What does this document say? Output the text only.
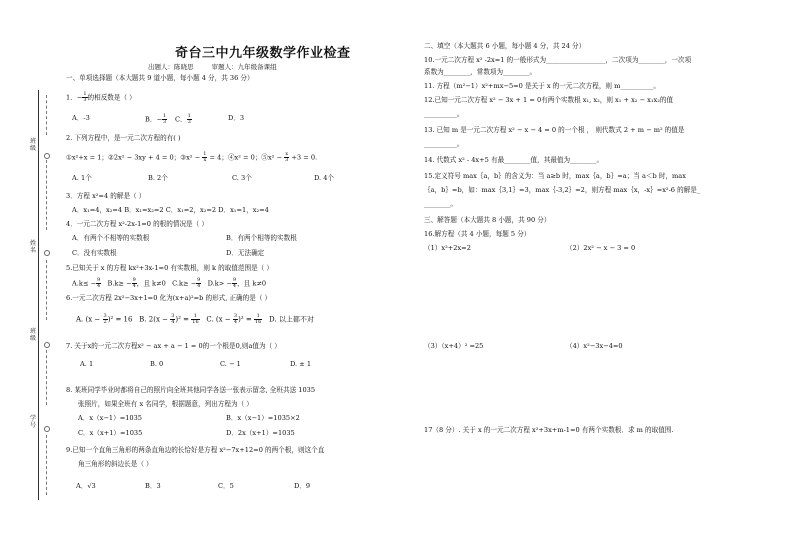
班级
姓名
班级
学号
奇台三中九年级数学作业检查
出题人：陈晓思	审题人：九年级备课组
一、单项选择题（本大题共 9 道小题，每小题 4 分，共 36 分）
1．− $\frac{1}{3}$ 的相反数是（ ）
A．-3	B．− $\frac{1}{3}$ C． $\frac{1}{3}$	D．3
2. 下列方程中，是一元二次方程的有( )
①x²+x = 1；②2x² − 3xy + 4 = 0；③x² − $\frac{1}{x} = 4$；④x² = 0；⑤x² − $\frac{x}{3} +3 = 0$.
A. 1个	B. 2个	C. 3个	D. 4个
3．方程 x²=4 的解是（ ）
A．x₁=4，x₂=4 B．x₁=x₂=2 C．x₁=2，x₂=2 D．x₁=1，x₂=4
4．一元二次方程 x²-2x-1=0 的根的情况是（ ）
A．有两个不相等的实数根	B．有两个相等的实数根
C．没有实数根	D．无法确定
5.已知关于 x 的方程 kx²+3x-1=0 有实数根，则 k 的取值范围是（ ）
$A.k\le - \frac{9}{4} B.k\ge - \frac{9}{4}$ ，且 k≠0 $C.k\ge - \frac{9}{4} D.k> - \frac{9}{4}$ ，且 k≠0
6.一元二次方程 2x²−3x+1=0 化为(x+a)²=b 的形式, 正确的是（ ）
A. $(x - \frac{3}{2} )^2 = 16$ B. $2(x - \frac{3}{4} )^2 = \frac{1}{16} C$. $(x - \frac{3}{4} )^2 = \frac{1}{16} D$. 以上都不对
7. 关于x的一元二次方程x² − ax + a − 1 = 0的一个根是0,则a值为（ ）
A. 1	B. 0	C. − 1	D. ± 1
8. 某班同学毕业时都将自己的照片向全班其他同学各送一张表示留念, 全班共送 1035
张照片，如果全班有 x 名同学，根据题意，列出方程为（ ）
A．x（x−1）=1035	B．x（x−1）=1035×2
C．x（x+1）=1035	D．2x（x+1）=1035
9.已知一个直角三角形的两条直角边的长恰好是方程 x²−7x+12=0 的两个根，则这个直
角三角形的斜边长是（ ）
A．√3	B．3	C．5	D．9
二、填空（本大题共 6 小题，每小题 4 分，共 24 分）
10.一元二次方程 x² -2x=1 的一般形式为__________________，二次项为________，一次项
系数为________，常数项为________。
11. 方程（m²−1）x²+mx−5=0 是关于 x 的一元二次方程，则 m__________。
12.已知一元二次方程 x² − 3x + 1 = 0有两个实数根 x₁, x₂，则 x₁ + x₂ − x₁x₂的值
__________。
13. 已知 m 是一元二次方程 x² − x − 4 = 0 的一个根 ， 则代数式 2 + m − m² 的值是
__________。
14. 代数式 x² - 4x+5 有最________值，其最值为________。
15.定义符号 max｛a，b｝的含义为：当 a≥b 时，max｛a，b｝=a；当 a＜b 时，max
｛a，b｝=b，如：max｛3,1｝=3，max｛-3,2｝=2，则方程 max｛x，-x｝=x²-6 的解是_
________。
三、解答题（本大题共 8 小题，共 90 分）
16.解方程（共 4 小题，每题 5 分）
（1）x²+2x=2	（2）2x² − x − 3 = 0
（3）（x+4）² =25	（4）x²−3x−4=0
17（8 分）. 关于 x 的一元二次方程 x²+3x+m-1=0 有两个实数根．求 m 的取值围.
